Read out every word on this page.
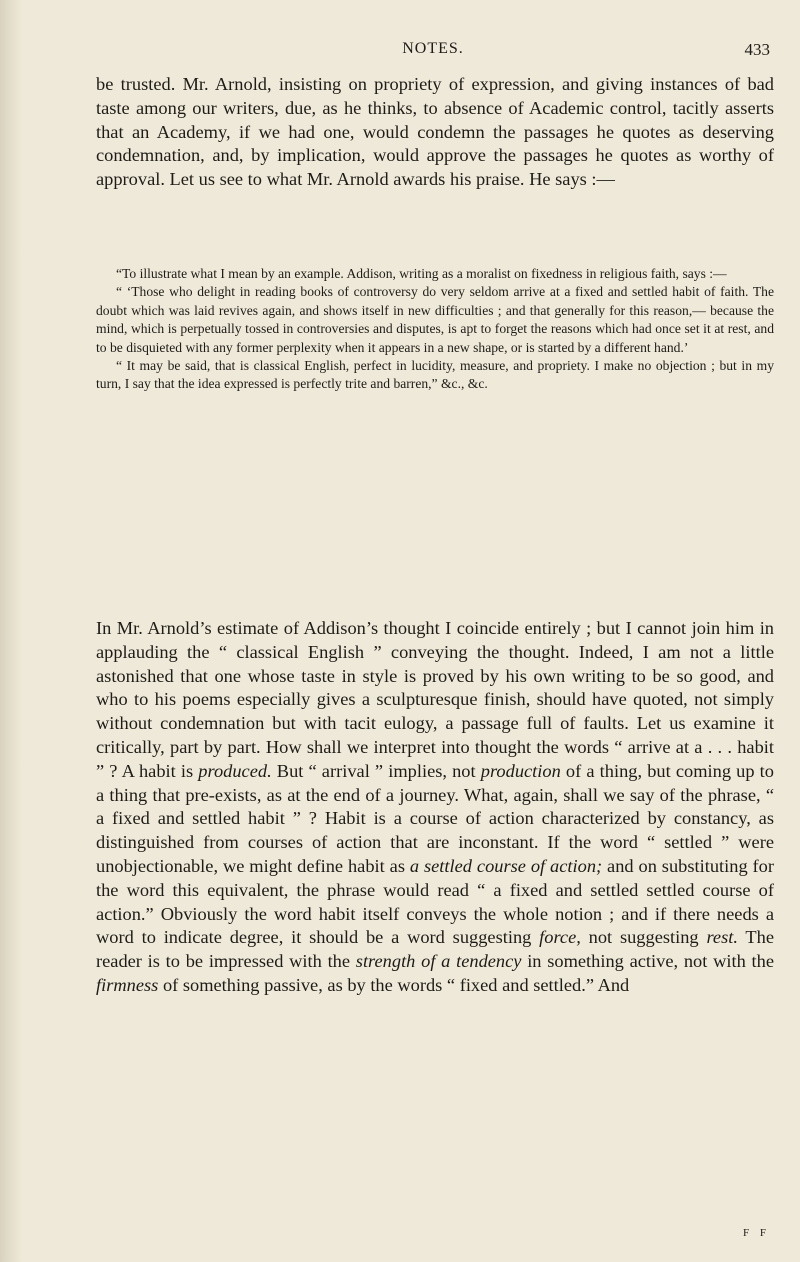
NOTES.	433

be trusted. Mr. Arnold, insisting on propriety of expression, and giving instances of bad taste among our writers, due, as he thinks, to absence of Academic control, tacitly asserts that an Academy, if we had one, would condemn the passages he quotes as deserving condemnation, and, by implication, would approve the passages he quotes as worthy of approval. Let us see to what Mr. Arnold awards his praise. He says :—

“To illustrate what I mean by an example. Addison, writing as a moralist on fixedness in religious faith, says :—

“ ‘Those who delight in reading books of controversy do very seldom arrive at a fixed and settled habit of faith. The doubt which was laid revives again, and shows itself in new difficulties ; and that generally for this reason,— because the mind, which is perpetually tossed in controversies and disputes, is apt to forget the reasons which had once set it at rest, and to be disquieted with any former perplexity when it appears in a new shape, or is started by a different hand.’

“ It may be said, that is classical English, perfect in lucidity, measure, and propriety. I make no objection ; but in my turn, I say that the idea expressed is perfectly trite and barren,” &c., &c.

In Mr. Arnold’s estimate of Addison’s thought I coincide entirely ; but I cannot join him in applauding the “ classical English ” conveying the thought. Indeed, I am not a little astonished that one whose taste in style is proved by his own writing to be so good, and who to his poems especially gives a sculpturesque finish, should have quoted, not simply without condemnation but with tacit eulogy, a passage full of faults. Let us examine it critically, part by part. How shall we interpret into thought the words “ arrive at a . . . habit ” ? A habit is produced. But “ arrival ” implies, not production of a thing, but coming up to a thing that pre-exists, as at the end of a journey. What, again, shall we say of the phrase, “ a fixed and settled habit ” ? Habit is a course of action characterized by constancy, as distinguished from courses of action that are inconstant. If the word “ settled ” were unobjectionable, we might define habit as a settled course of action; and on substituting for the word this equivalent, the phrase would read “ a fixed and settled settled course of action.” Obviously the word habit itself conveys the whole notion ; and if there needs a word to indicate degree, it should be a word suggesting force, not suggesting rest. The reader is to be impressed with the strength of a tendency in something active, not with the firmness of something passive, as by the words “ fixed and settled.” And

F F
